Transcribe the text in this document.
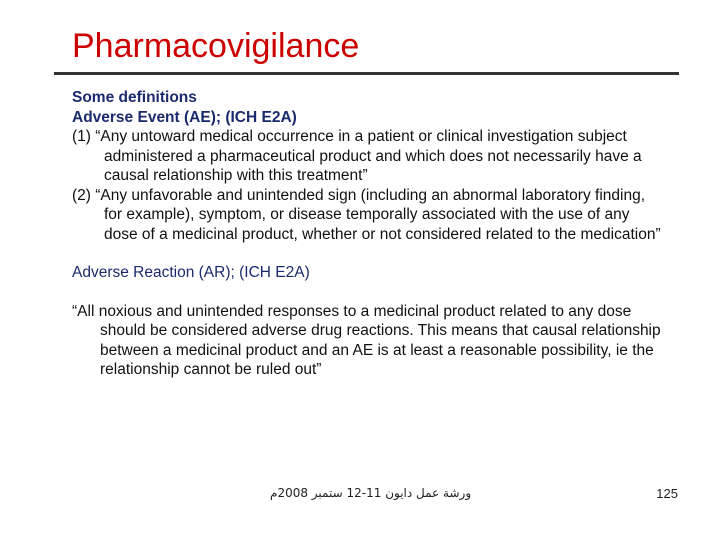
Pharmacovigilance

Some definitions

Adverse Event (AE); (ICH E2A)

(1) “Any untoward medical occurrence in a patient or clinical investigation subject administered a pharmaceutical product and which does not necessarily have a causal relationship with this treatment”

(2) “Any unfavorable and unintended sign (including an abnormal laboratory finding, for example), symptom, or disease temporally associated with the use of any dose of a medicinal product, whether or not considered related to the medication”

Adverse Reaction (AR); (ICH E2A)

“All noxious and unintended responses to a medicinal product related to any dose should be considered adverse drug reactions. This means that causal relationship between a medicinal product and an AE is at least a reasonable possibility, ie the relationship cannot be ruled out”

ورشة عمل دايون 11-12 ستمبر 2008م	125
